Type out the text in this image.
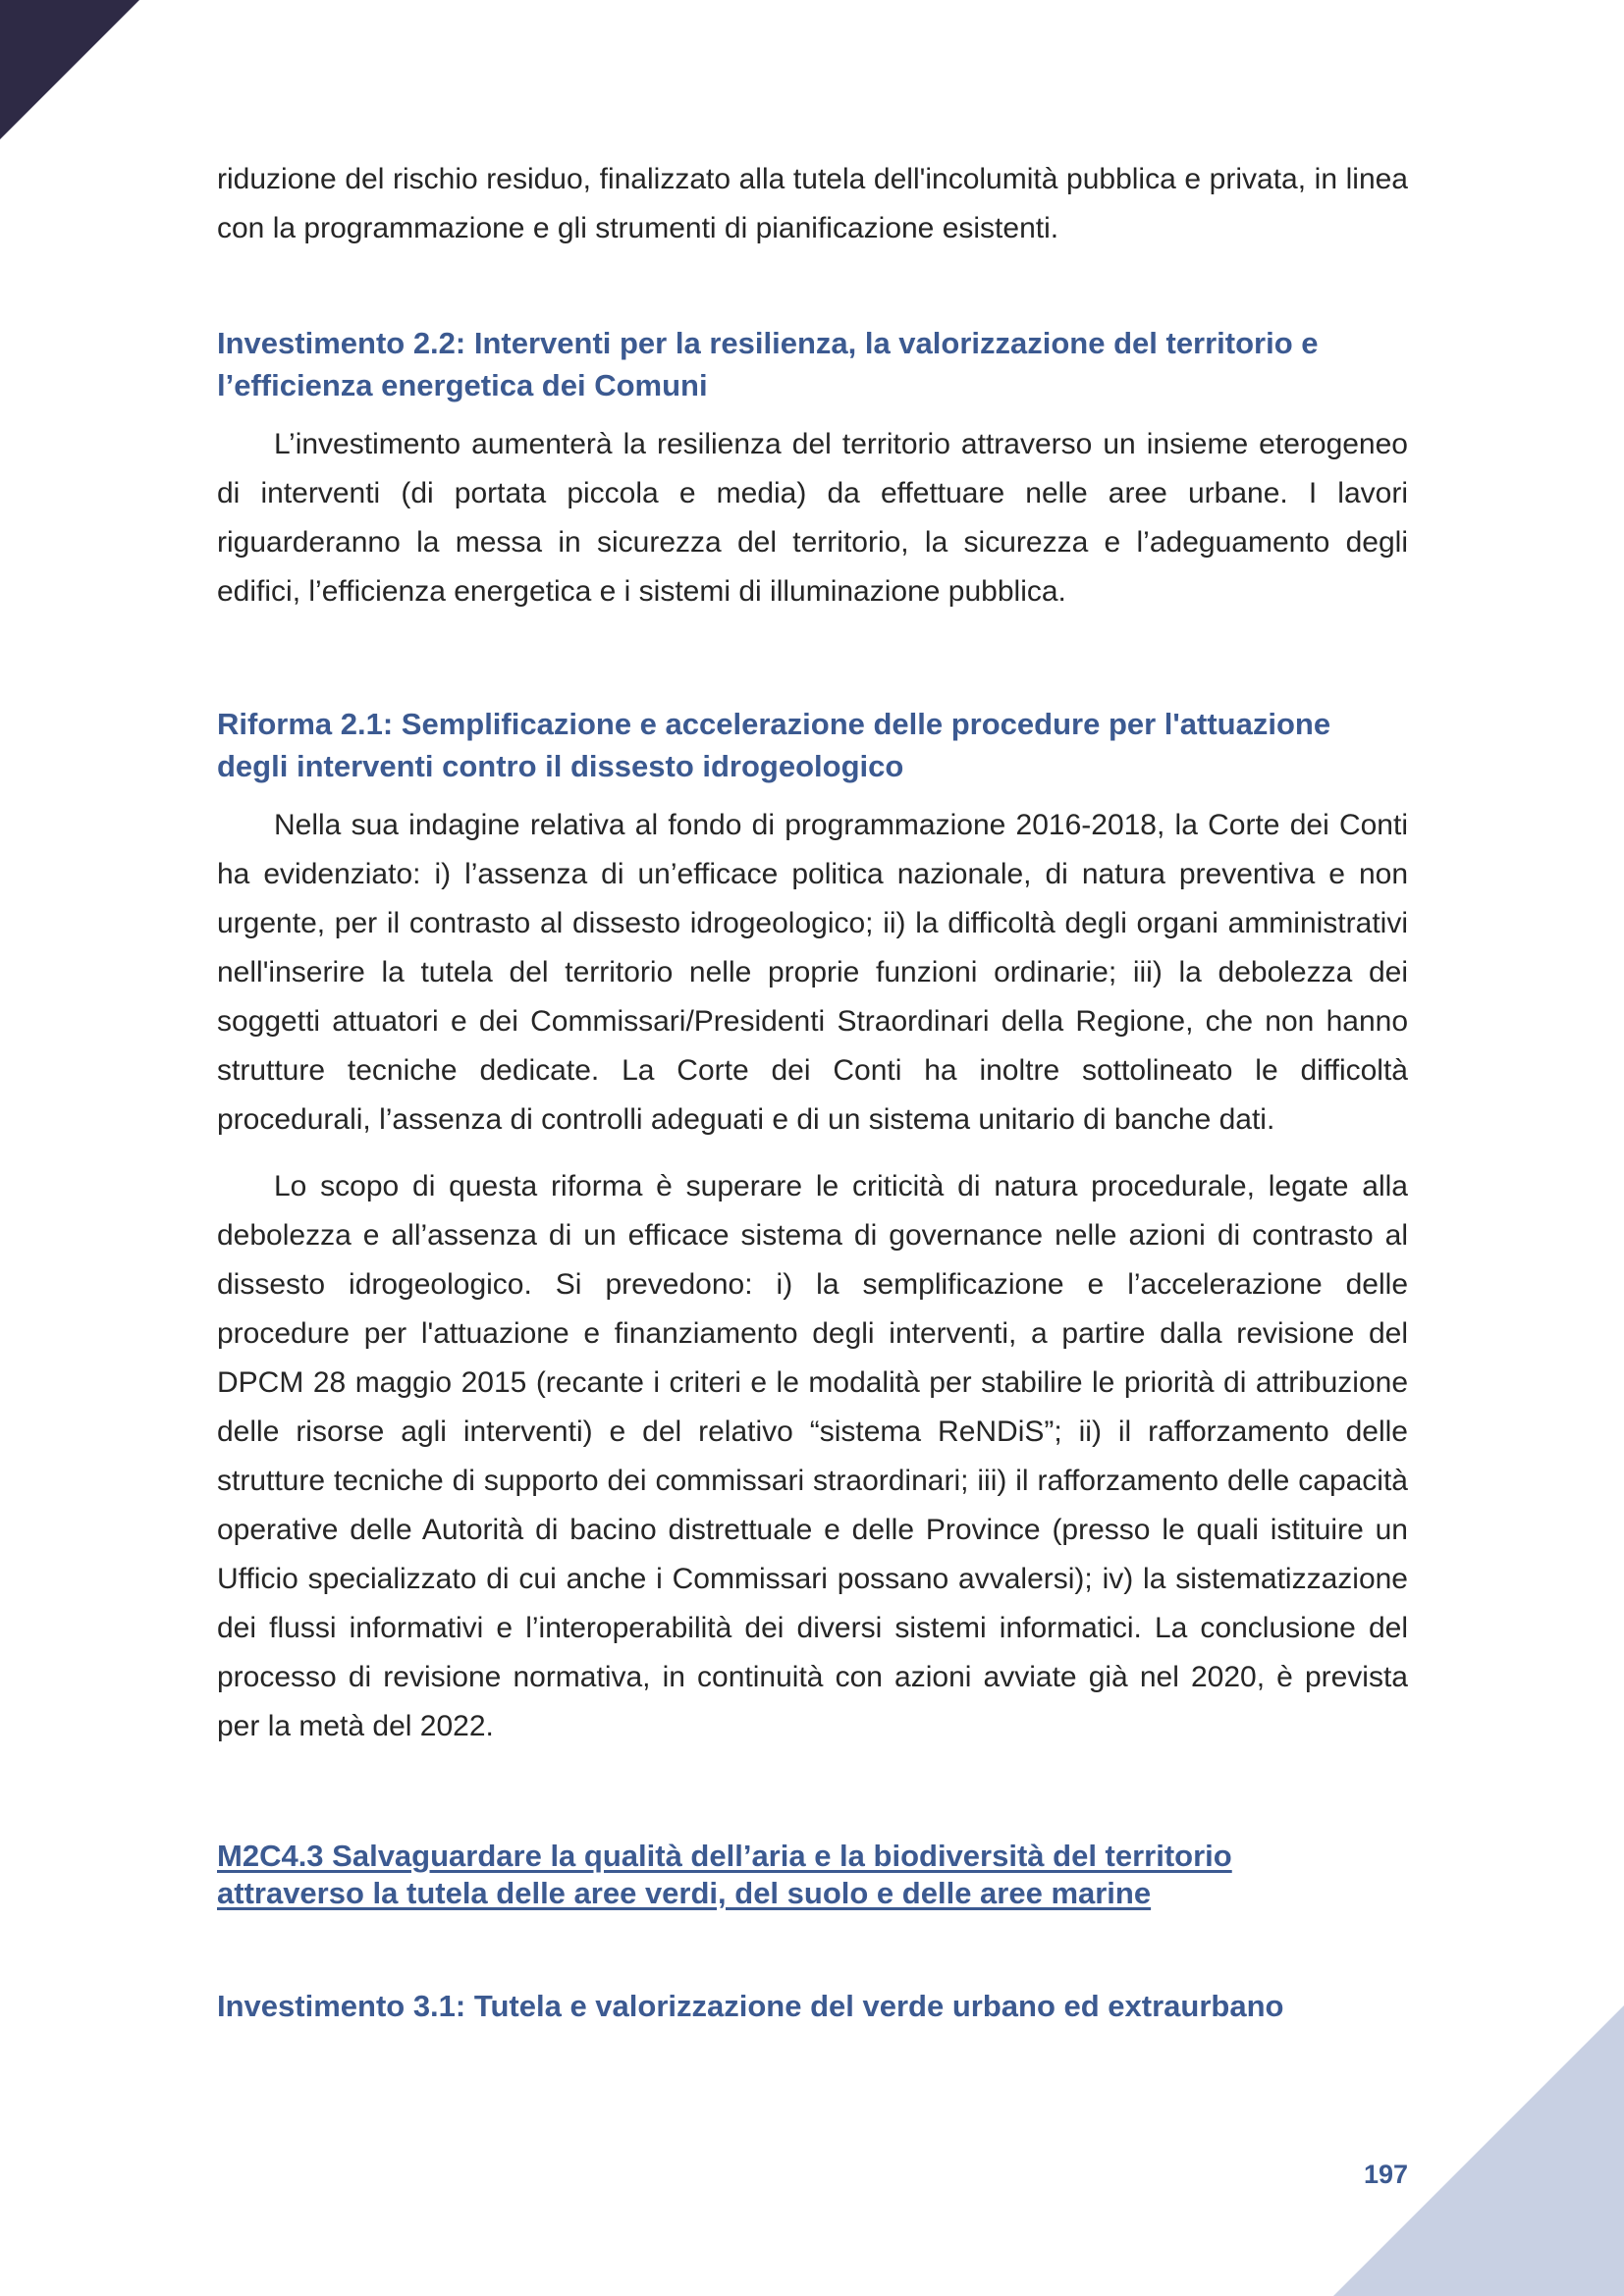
riduzione del rischio residuo, finalizzato alla tutela dell'incolumità pubblica e privata, in linea con la programmazione e gli strumenti di pianificazione esistenti.

Investimento 2.2: Interventi per la resilienza, la valorizzazione del territorio e l’efficienza energetica dei Comuni

L’investimento aumenterà la resilienza del territorio attraverso un insieme eterogeneo di interventi (di portata piccola e media) da effettuare nelle aree urbane. I lavori riguarderanno la messa in sicurezza del territorio, la sicurezza e l’adeguamento degli edifici, l’efficienza energetica e i sistemi di illuminazione pubblica.

Riforma 2.1: Semplificazione e accelerazione delle procedure per l'attuazione degli interventi contro il dissesto idrogeologico

Nella sua indagine relativa al fondo di programmazione 2016-2018, la Corte dei Conti ha evidenziato: i) l’assenza di un’efficace politica nazionale, di natura preventiva e non urgente, per il contrasto al dissesto idrogeologico; ii) la difficoltà degli organi amministrativi nell'inserire la tutela del territorio nelle proprie funzioni ordinarie; iii) la debolezza dei soggetti attuatori e dei Commissari/Presidenti Straordinari della Regione, che non hanno strutture tecniche dedicate. La Corte dei Conti ha inoltre sottolineato le difficoltà procedurali, l’assenza di controlli adeguati e di un sistema unitario di banche dati.

Lo scopo di questa riforma è superare le criticità di natura procedurale, legate alla debolezza e all’assenza di un efficace sistema di governance nelle azioni di contrasto al dissesto idrogeologico. Si prevedono: i) la semplificazione e l’accelerazione delle procedure per l'attuazione e finanziamento degli interventi, a partire dalla revisione del DPCM 28 maggio 2015 (recante i criteri e le modalità per stabilire le priorità di attribuzione delle risorse agli interventi) e del relativo “sistema ReNDiS”; ii) il rafforzamento delle strutture tecniche di supporto dei commissari straordinari; iii) il rafforzamento delle capacità operative delle Autorità di bacino distrettuale e delle Province (presso le quali istituire un Ufficio specializzato di cui anche i Commissari possano avvalersi); iv) la sistematizzazione dei flussi informativi e l’interoperabilità dei diversi sistemi informatici. La conclusione del processo di revisione normativa, in continuità con azioni avviate già nel 2020, è prevista per la metà del 2022.

M2C4.3 Salvaguardare la qualità dell’aria e la biodiversità del territorio
attraverso la tutela delle aree verdi, del suolo e delle aree marine
Investimento 3.1: Tutela e valorizzazione del verde urbano ed extraurbano
197
